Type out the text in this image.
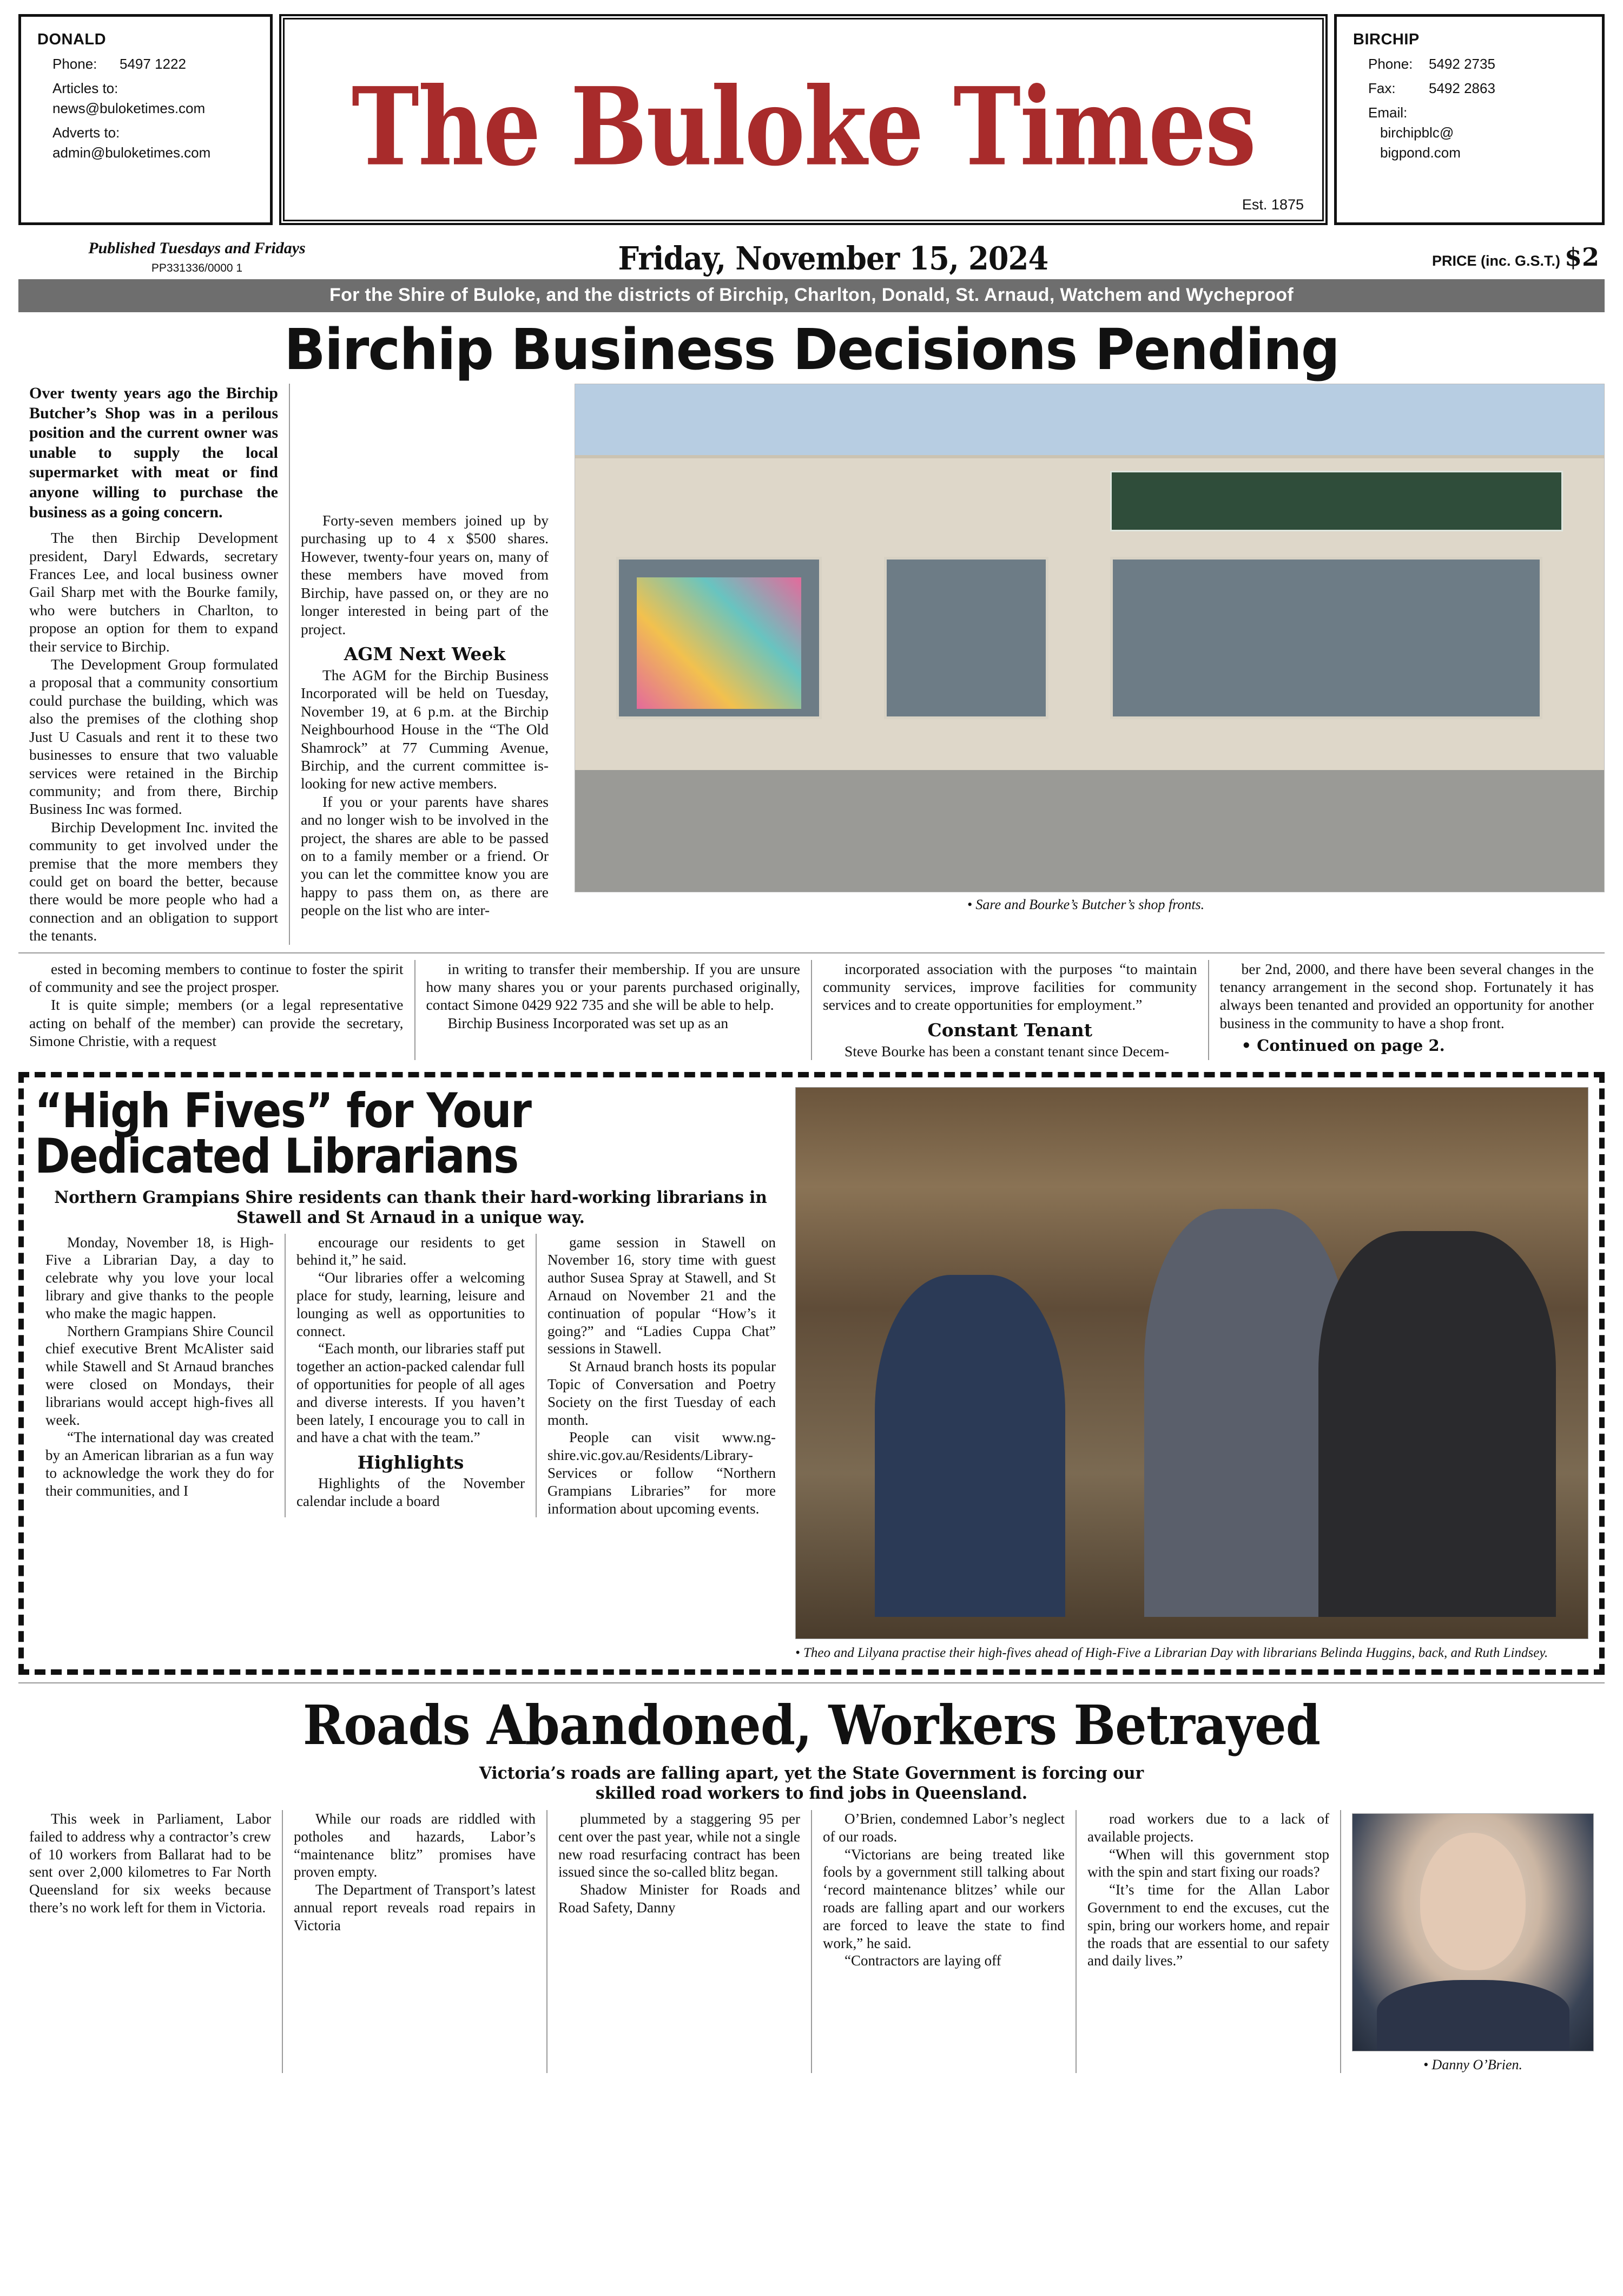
DONALD
Phone: 5497 1222
Articles to:
news@buloketimes.com
Adverts to:
admin@buloketimes.com	The Buloke Times
Est. 1875
BIRCHIP
Phone: 5492 2735
Fax: 5492 2863
Email:
birchipblc@
bigpond.com
Published Tuesdays and Fridays
PP331336/0000 1	Friday, November 15, 2024	PRICE (inc. G.S.T.) $2
For the Shire of Buloke, and the districts of Birchip, Charlton, Donald, St. Arnaud, Watchem and Wycheproof
Birchip Business Decisions Pending

Over twenty years ago the Birchip Butcher’s Shop was in a perilous position and the current owner was unable to supply the local supermarket with meat or find anyone willing to purchase the business as a going concern.

The then Birchip Development president, Daryl Edwards, secretary Frances Lee, and local business owner Gail Sharp met with the Bourke family, who were butchers in Charlton, to propose an option for them to expand their service to Birchip.

The Development Group formulated a proposal that a community consortium could purchase the building, which was also the premises of the clothing shop Just U Casuals and rent it to these two businesses to ensure that two valuable services were retained in the Birchip community; and from there, Birchip Business Inc was formed.

Birchip Development Inc. invited the community to get involved under the premise that the more members they could get on board the better, because there would be more people who had a connection and an obligation to support the tenants.

Forty-seven members joined up by purchasing up to 4 x $500 shares. However, twenty-four years on, many of these members have moved from Birchip, have passed on, or they are no longer interested in being part of the project.

AGM Next Week

The AGM for the Birchip Business Incorporated will be held on Tuesday, November 19, at 6 p.m. at the Birchip Neighbourhood House in the “The Old Shamrock” at 77 Cumming Avenue, Birchip, and the current committee is-looking for new active members.

If you or your parents have shares and no longer wish to be involved in the project, the shares are able to be passed on to a family member or a friend. Or you can let the committee know you are happy to pass them on, as there are people on the list who are inter-	• Sare and Bourke’s Butcher’s shop fronts.

ested in becoming members to continue to foster the spirit of community and see the project prosper.

It is quite simple; members (or a legal representative acting on behalf of the member) can provide the secretary, Simone Christie, with a request

in writing to transfer their membership. If you are unsure how many shares you or your parents purchased originally, contact Simone 0429 922 735 and she will be able to help.

Birchip Business Incorporated was set up as an

incorporated association with the purposes “to maintain community services, improve facilities for community services and to create opportunities for employment.”

Constant Tenant

Steve Bourke has been a constant tenant since Decem-

ber 2nd, 2000, and there have been several changes in the tenancy arrangement in the second shop. Fortunately it has always been tenanted and provided an opportunity for another business in the community to have a shop front.

• Continued on page 2.

“High Fives” for Your
Dedicated Librarians
Northern Grampians Shire residents can thank their hard-working librarians in Stawell and St Arnaud in a unique way.

Monday, November 18, is High-Five a Librarian Day, a day to celebrate why you love your local library and give thanks to the people who make the magic happen.

Northern Grampians Shire Council chief executive Brent McAlister said while Stawell and St Arnaud branches were closed on Mondays, their librarians would accept high-fives all week.

“The international day was created by an American librarian as a fun way to acknowledge the work they do for their communities, and I

encourage our residents to get behind it,” he said.

“Our libraries offer a welcoming place for study, learning, leisure and lounging as well as opportunities to connect.

“Each month, our libraries staff put together an action-packed calendar full of opportunities for people of all ages and diverse interests. If you haven’t been lately, I encourage you to call in and have a chat with the team.”

Highlights

Highlights of the November calendar include a board

game session in Stawell on November 16, story time with guest author Susea Spray at Stawell, and St Arnaud on November 21 and the continuation of popular “How’s it going?” and “Ladies Cuppa Chat” sessions in Stawell.

St Arnaud branch hosts its popular Topic of Conversation and Poetry Society on the first Tuesday of each month.

People can visit www.ng-shire.vic.gov.au/Residents/Library-Services or follow “Northern Grampians Libraries” for more information about upcoming events.

• Theo and Lilyana practise their high-fives ahead of High-Five a Librarian Day with librarians Belinda Huggins, back, and Ruth Lindsey.
Roads Abandoned, Workers Betrayed
Victoria’s roads are falling apart, yet the State Government is forcing our skilled road workers to find jobs in Queensland.

This week in Parliament, Labor failed to address why a contractor’s crew of 10 workers from Ballarat had to be sent over 2,000 kilometres to Far North Queensland for six weeks because there’s no work left for them in Victoria.

While our roads are riddled with potholes and hazards, Labor’s “maintenance blitz” promises have proven empty.

The Department of Transport’s latest annual report reveals road repairs in Victoria

plummeted by a staggering 95 per cent over the past year, while not a single new road resurfacing contract has been issued since the so-called blitz began.

Shadow Minister for Roads and Road Safety, Danny

O’Brien, condemned Labor’s neglect of our roads.

“Victorians are being treated like fools by a government still talking about ‘record maintenance blitzes’ while our roads are falling apart and our workers are forced to leave the state to find work,” he said.

“Contractors are laying off

road workers due to a lack of available projects.

“When will this government stop with the spin and start fixing our roads?

“It’s time for the Allan Labor Government to end the excuses, cut the spin, bring our workers home, and repair the roads that are essential to our safety and daily lives.”

• Danny O’Brien.
